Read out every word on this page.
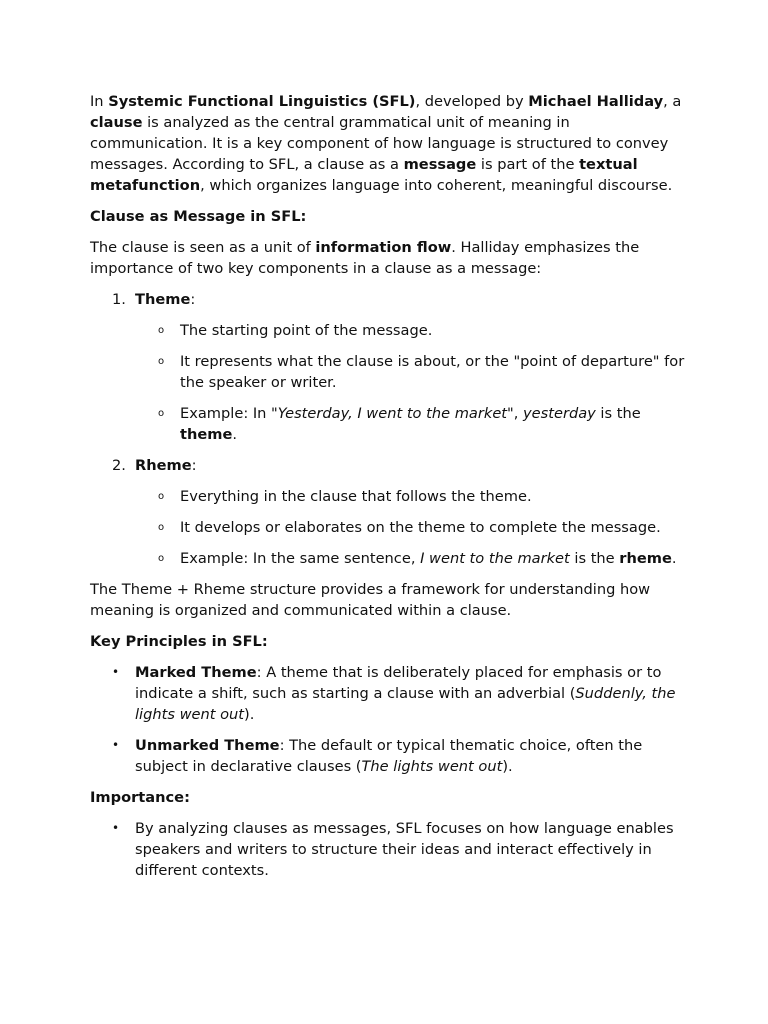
In Systemic Functional Linguistics (SFL), developed by Michael Halliday, a clause is analyzed as the central grammatical unit of meaning in communication. It is a key component of how language is structured to convey messages. According to SFL, a clause as a message is part of the textual metafunction, which organizes language into coherent, meaningful discourse.

Clause as Message in SFL:

The clause is seen as a unit of information flow. Halliday emphasizes the importance of two key components in a clause as a message:

1. Theme:
o The starting point of the message.
o It represents what the clause is about, or the "point of departure" for the speaker or writer.
o Example: In "Yesterday, I went to the market", yesterday is the theme.
2. Rheme:
o Everything in the clause that follows the theme.
o It develops or elaborates on the theme to complete the message.
o Example: In the same sentence, I went to the market is the rheme.

The Theme + Rheme structure provides a framework for understanding how meaning is organized and communicated within a clause.

Key Principles in SFL:

• Marked Theme: A theme that is deliberately placed for emphasis or to indicate a shift, such as starting a clause with an adverbial (Suddenly, the lights went out).
• Unmarked Theme: The default or typical thematic choice, often the subject in declarative clauses (The lights went out).

Importance:

• By analyzing clauses as messages, SFL focuses on how language enables speakers and writers to structure their ideas and interact effectively in different contexts.
